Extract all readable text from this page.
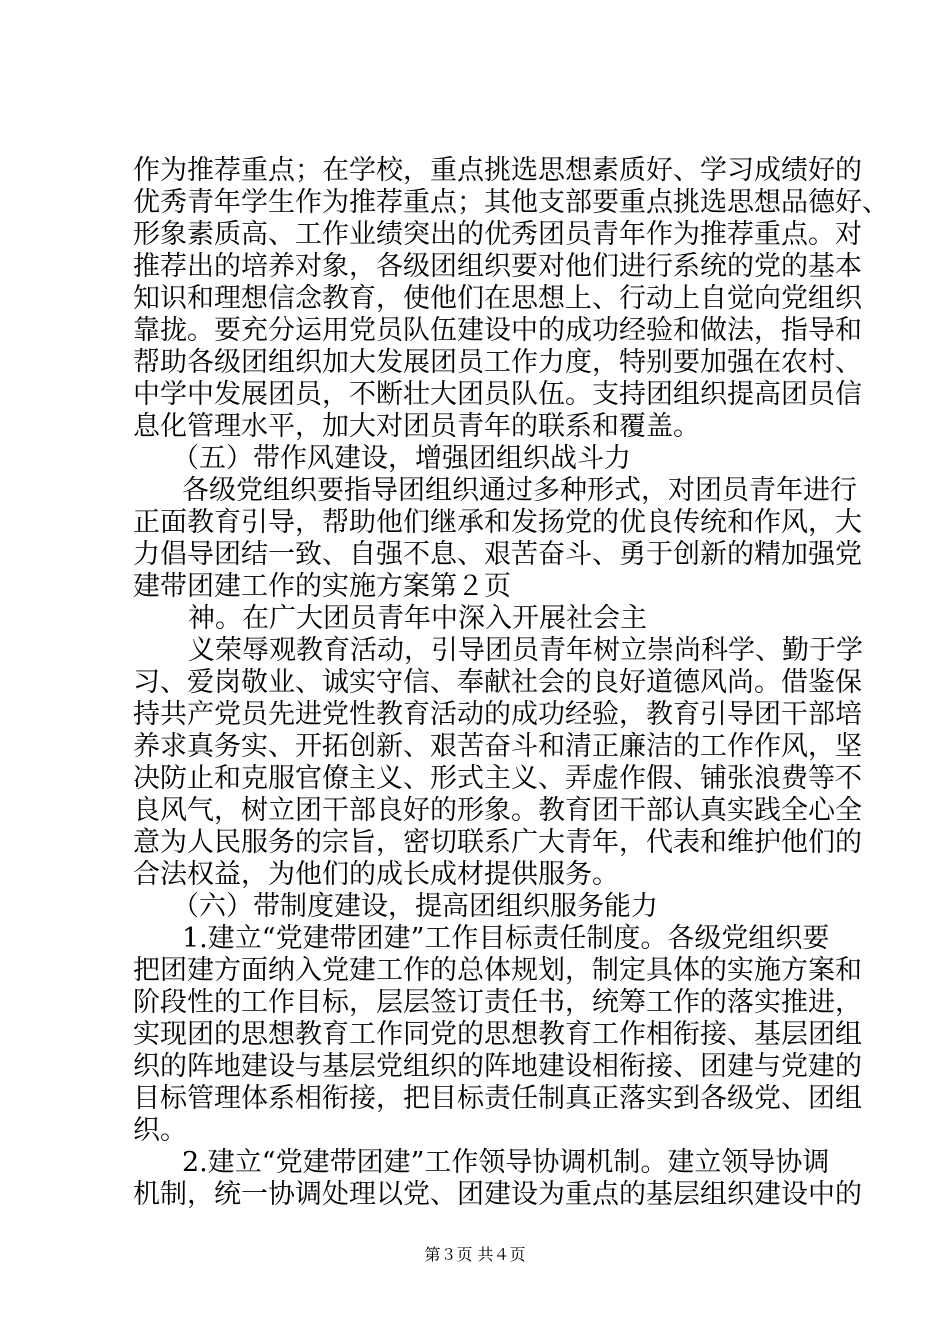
作为推荐重点；在学校，重点挑选思想素质好、学习成绩好的
优秀青年学生作为推荐重点；其他支部要重点挑选思想品德好、
形象素质高、工作业绩突出的优秀团员青年作为推荐重点。对
推荐出的培养对象，各级团组织要对他们进行系统的党的基本
知识和理想信念教育，使他们在思想上、行动上自觉向党组织
靠拢。要充分运用党员队伍建设中的成功经验和做法，指导和
帮助各级团组织加大发展团员工作力度，特别要加强在农村、
中学中发展团员，不断壮大团员队伍。支持团组织提高团员信
息化管理水平，加大对团员青年的联系和覆盖。
（五）带作风建设，增强团组织战斗力
各级党组织要指导团组织通过多种形式，对团员青年进行
正面教育引导，帮助他们继承和发扬党的优良传统和作风，大
力倡导团结一致、自强不息、艰苦奋斗、勇于创新的精加强党
建带团建工作的实施方案第２页
神。在广大团员青年中深入开展社会主
义荣辱观教育活动，引导团员青年树立崇尚科学、勤于学
习、爱岗敬业、诚实守信、奉献社会的良好道德风尚。借鉴保
持共产党员先进党性教育活动的成功经验，教育引导团干部培
养求真务实、开拓创新、艰苦奋斗和清正廉洁的工作作风，坚
决防止和克服官僚主义、形式主义、弄虚作假、铺张浪费等不
良风气，树立团干部良好的形象。教育团干部认真实践全心全
意为人民服务的宗旨，密切联系广大青年，代表和维护他们的
合法权益，为他们的成长成材提供服务。
（六）带制度建设，提高团组织服务能力
1.建立“党建带团建”工作目标责任制度。各级党组织要
把团建方面纳入党建工作的总体规划，制定具体的实施方案和
阶段性的工作目标，层层签订责任书，统筹工作的落实推进，
实现团的思想教育工作同党的思想教育工作相衔接、基层团组
织的阵地建设与基层党组织的阵地建设相衔接、团建与党建的
目标管理体系相衔接，把目标责任制真正落实到各级党、团组
织。
2.建立“党建带团建”工作领导协调机制。建立领导协调
机制，统一协调处理以党、团建设为重点的基层组织建设中的
第３页 共４页
